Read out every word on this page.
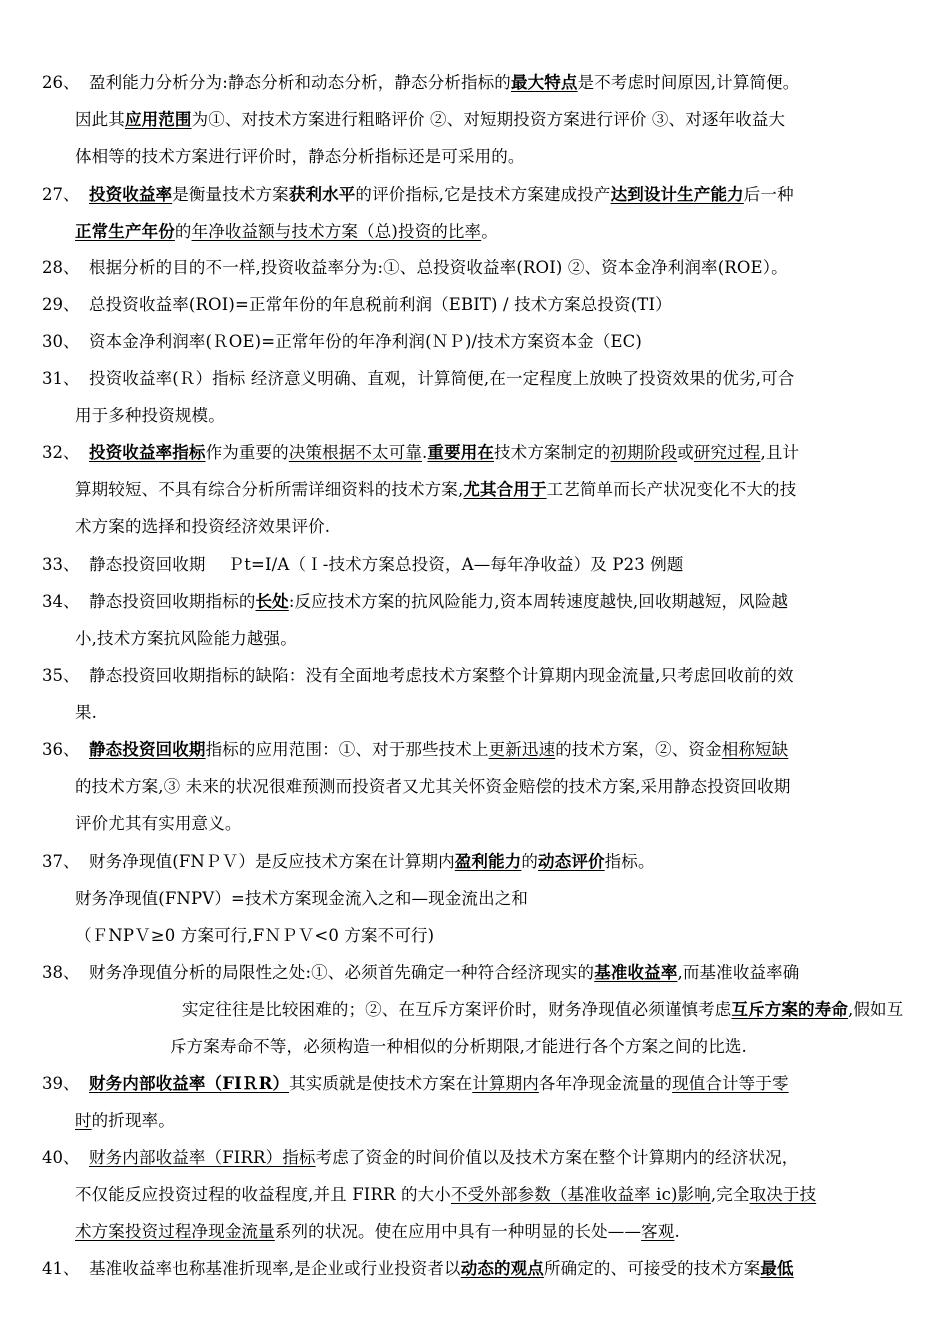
26、 盈利能力分析分为:静态分析和动态分析，静态分析指标的最大特点是不考虑时间原因,计算简便。
因此其应用范围为①、对技术方案进行粗略评价 ②、对短期投资方案进行评价 ③、对逐年收益大
体相等的技术方案进行评价时，静态分析指标还是可采用的。
27、 投资收益率是衡量技术方案获利水平的评价指标,它是技术方案建成投产达到设计生产能力后一种
正常生产年份的年净收益额与技术方案（总)投资的比率。
28、 根据分析的目的不一样,投资收益率分为:①、总投资收益率(ROI) ②、资本金净利润率(ROE）。
29、 总投资收益率(ROI)=正常年份的年息税前利润（EBIT) / 技术方案总投资(TI）
30、 资本金净利润率(ＲOE)=正常年份的年净利润(ＮＰ)/技术方案资本金（EC)
31、 投资收益率(Ｒ）指标 经济意义明确、直观，计算简便,在一定程度上放映了投资效果的优劣,可合
用于多种投资规模。
32、 投资收益率指标作为重要的决策根据不太可靠.重要用在技术方案制定的初期阶段或研究过程,且计
算期较短、不具有综合分析所需详细资料的技术方案,尤其合用于工艺简单而长产状况变化不大的技
术方案的选择和投资经济效果评价.
33、 静态投资回收期 　Ｐt=I/A（Ｉ-技术方案总投资，A—每年净收益）及 P23 例题
34、 静态投资回收期指标的长处:反应技术方案的抗风险能力,资本周转速度越快,回收期越短，风险越
小,技术方案抗风险能力越强。
35、 静态投资回收期指标的缺陷：没有全面地考虑技术方案整个计算期内现金流量,只考虑回收前的效
果.
36、 静态投资回收期指标的应用范围：①、对于那些技术上更新迅速的技术方案，②、资金相称短缺
的技术方案,③ 未来的状况很难预测而投资者又尤其关怀资金赔偿的技术方案,采用静态投资回收期
评价尤其有实用意义。
37、 财务净现值(FNＰＶ）是反应技术方案在计算期内盈利能力的动态评价指标。
财务净现值(FNPV）=技术方案现金流入之和—现金流出之和
（ＦNPＶ≥0 方案可行,FＮＰＶ<0 方案不可行)
38、 财务净现值分析的局限性之处:①、必须首先确定一种符合经济现实的基准收益率,而基准收益率确
实定往往是比较困难的；②、在互斥方案评价时，财务净现值必须谨慎考虑互斥方案的寿命,假如互
斥方案寿命不等，必须构造一种相似的分析期限,才能进行各个方案之间的比选.
39、 财务内部收益率（FIＲR）其实质就是使技术方案在计算期内各年净现金流量的现值合计等于零
时的折现率。
40、 财务内部收益率（FIRR）指标考虑了资金的时间价值以及技术方案在整个计算期内的经济状况，
不仅能反应投资过程的收益程度,并且 FIRR 的大小不受外部参数（基准收益率 ic)影响,完全取决于技
术方案投资过程净现金流量系列的状况。使在应用中具有一种明显的长处——客观.
41、 基准收益率也称基准折现率,是企业或行业投资者以动态的观点所确定的、可接受的技术方案最低
